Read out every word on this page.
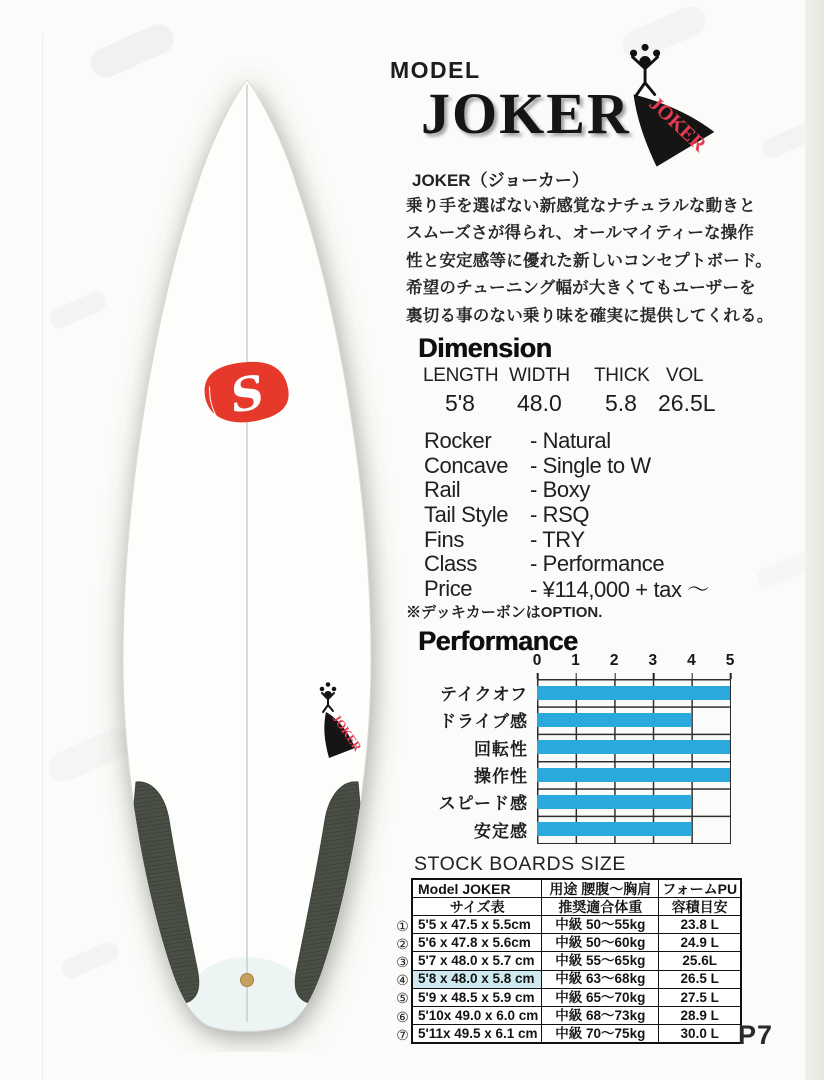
S
JOKER
MODEL
JOKER JOKER
JOKER（ジョーカー）
乗り手を選ばない新感覚なナチュラルな動きと
スムーズさが得られ、オールマイティーな操作
性と安定感等に優れた新しいコンセプトボード。
希望のチューニング幅が大きくてもユーザーを
裏切る事のない乗り味を確実に提供してくれる。
Dimension
LENGTH WIDTH THICK VOL
5'8 48.0 5.8 26.5L
Rocker	- Natural
Concave - Single to W
Rail	- Boxy
Tail Style - RSQ
Fins	- TRY
Class	- Performance
Price	- ¥114,000 + tax ～
※デッキカーボンはOPTION.
Performance
テイクオフ
ドライブ感
回転性
操作性
スピード感
安定感
0 1 2 3 4 5
STOCK BOARDS SIZE
①
②
③
④
⑤
⑥
⑦
Model JOKER	用途 腰腹～胸肩	フォームPU
サイズ表	推奨適合体重	容積目安
5'5 x 47.5 x 5.5cm	中級 50～55kg	23.8 L
5'6 x 47.8 x 5.6cm	中級 50～60kg	24.9 L
5'7 x 48.0 x 5.7 cm	中級 55～65kg	25.6L
5'8 x 48.0 x 5.8 cm	中級 63～68kg	26.5 L
5'9 x 48.5 x 5.9 cm	中級 65～70kg	27.5 L
5'10x 49.0 x 6.0 cm	中級 68～73kg	28.9 L
5'11x 49.5 x 6.1 cm	中級 70～75kg	30.0 L P7
